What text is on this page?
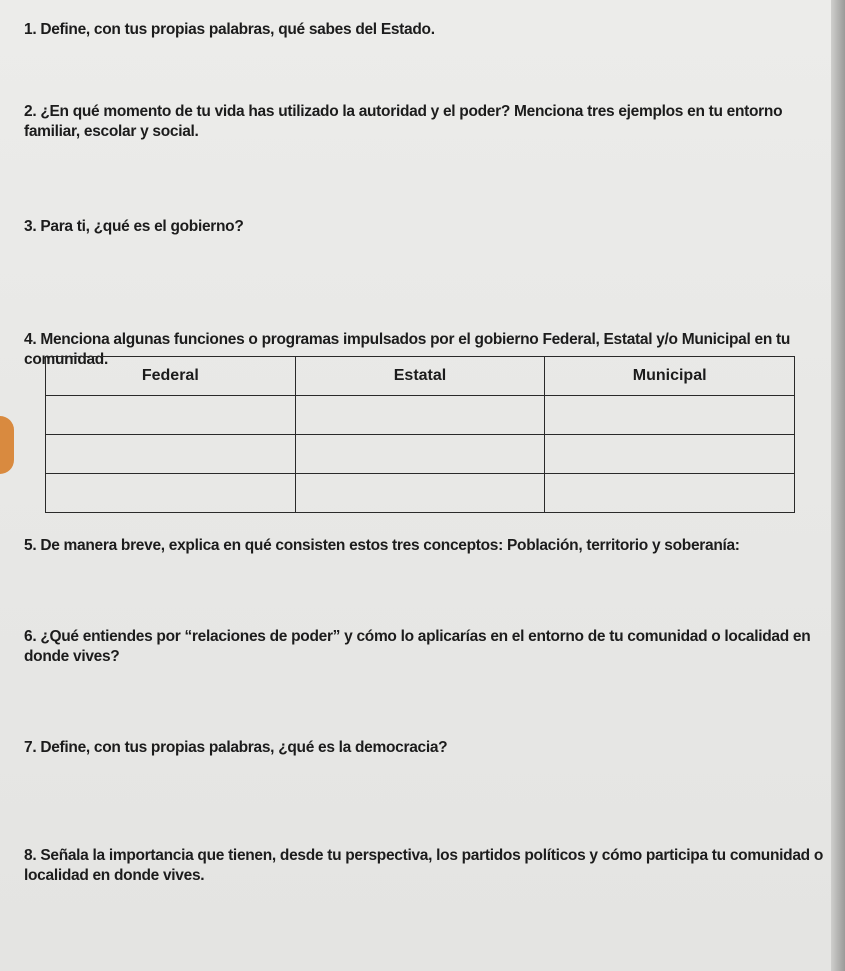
1. Define, con tus propias palabras, qué sabes del Estado.

2. ¿En qué momento de tu vida has utilizado la autoridad y el poder? Menciona tres ejemplos en tu entorno familiar, escolar y social.

3. Para ti, ¿qué es el gobierno?

4. Menciona algunas funciones o programas impulsados por el gobierno Federal, Estatal y/o Municipal en tu comunidad.

Federal	Estatal	Municipal

5. De manera breve, explica en qué consisten estos tres conceptos: Población, territorio y soberanía:

6. ¿Qué entiendes por “relaciones de poder” y cómo lo aplicarías en el entorno de tu comunidad o localidad en donde vives?

7. Define, con tus propias palabras, ¿qué es la democracia?

8. Señala la importancia que tienen, desde tu perspectiva, los partidos políticos y cómo participa tu comunidad o localidad en donde vives.
